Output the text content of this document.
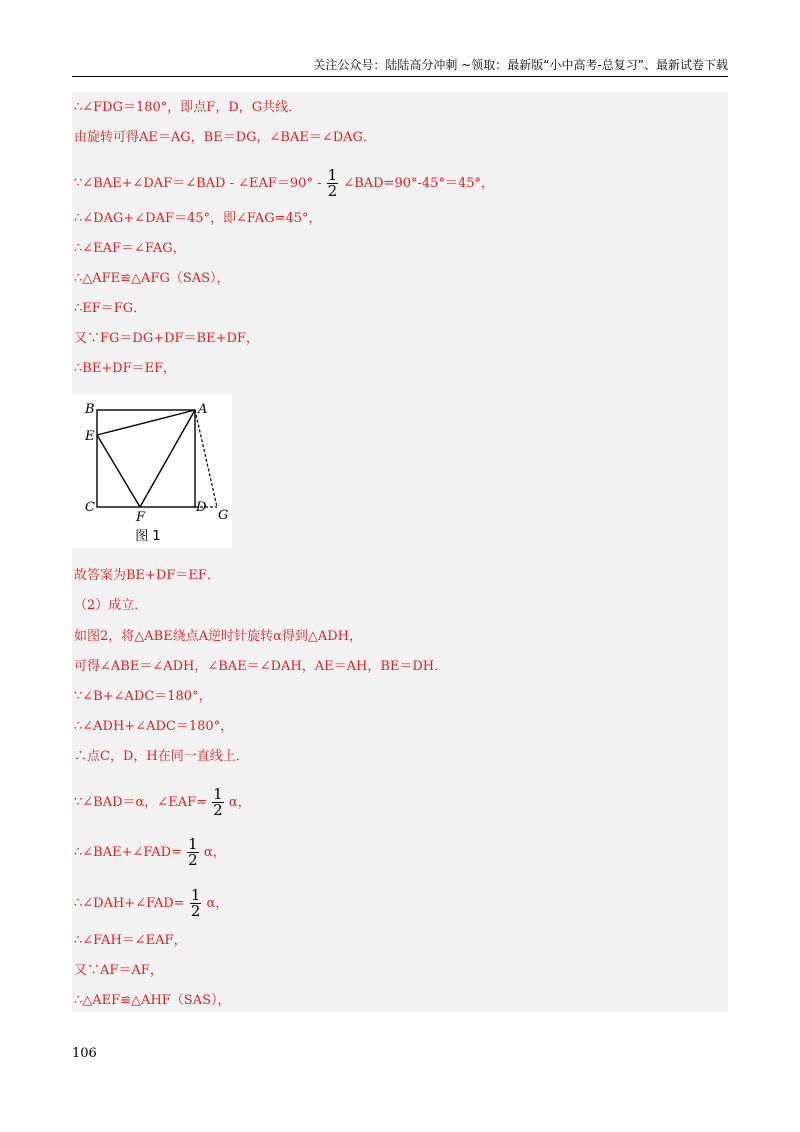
关注公众号：陆陆高分冲刺 ~领取：最新版“小中高考-总复习”、最新试卷下载
∴∠FDG＝180°，即点F，D，G共线．
由旋转可得AE＝AG，BE＝DG，∠BAE＝∠DAG．
∵∠BAE+∠DAF＝∠BAD - ∠EAF＝90° - $\frac{1}{2}$ ∠BAD=90°-45°＝45°，
∴∠DAG+∠DAF＝45°，即∠FAG=45°，
∴∠EAF＝∠FAG，
∴△AFE≌△AFG（SAS），
∴EF＝FG．
又∵FG＝DG+DF＝BE+DF，
∴BE+DF＝EF，
B	A
E
C
F
D
G
图 1
故答案为BE+DF＝EF．
（2）成立．
如图2，将△ABE绕点A逆时针旋转α得到△ADH，
可得∠ABE＝∠ADH，∠BAE＝∠DAH，AE＝AH，BE＝DH．
∵∠B+∠ADC＝180°，
∴∠ADH+∠ADC＝180°，
∴点C，D，H在同一直线上．
∵∠BAD＝α，∠EAF= $\frac{1}{2}$ α，
∴∠BAE+∠FAD= $\frac{1}{2}$ α，
∴∠DAH+∠FAD= $\frac{1}{2}$ α，
∴∠FAH＝∠EAF，
又∵AF＝AF，
∴△AEF≌△AHF（SAS），
106
